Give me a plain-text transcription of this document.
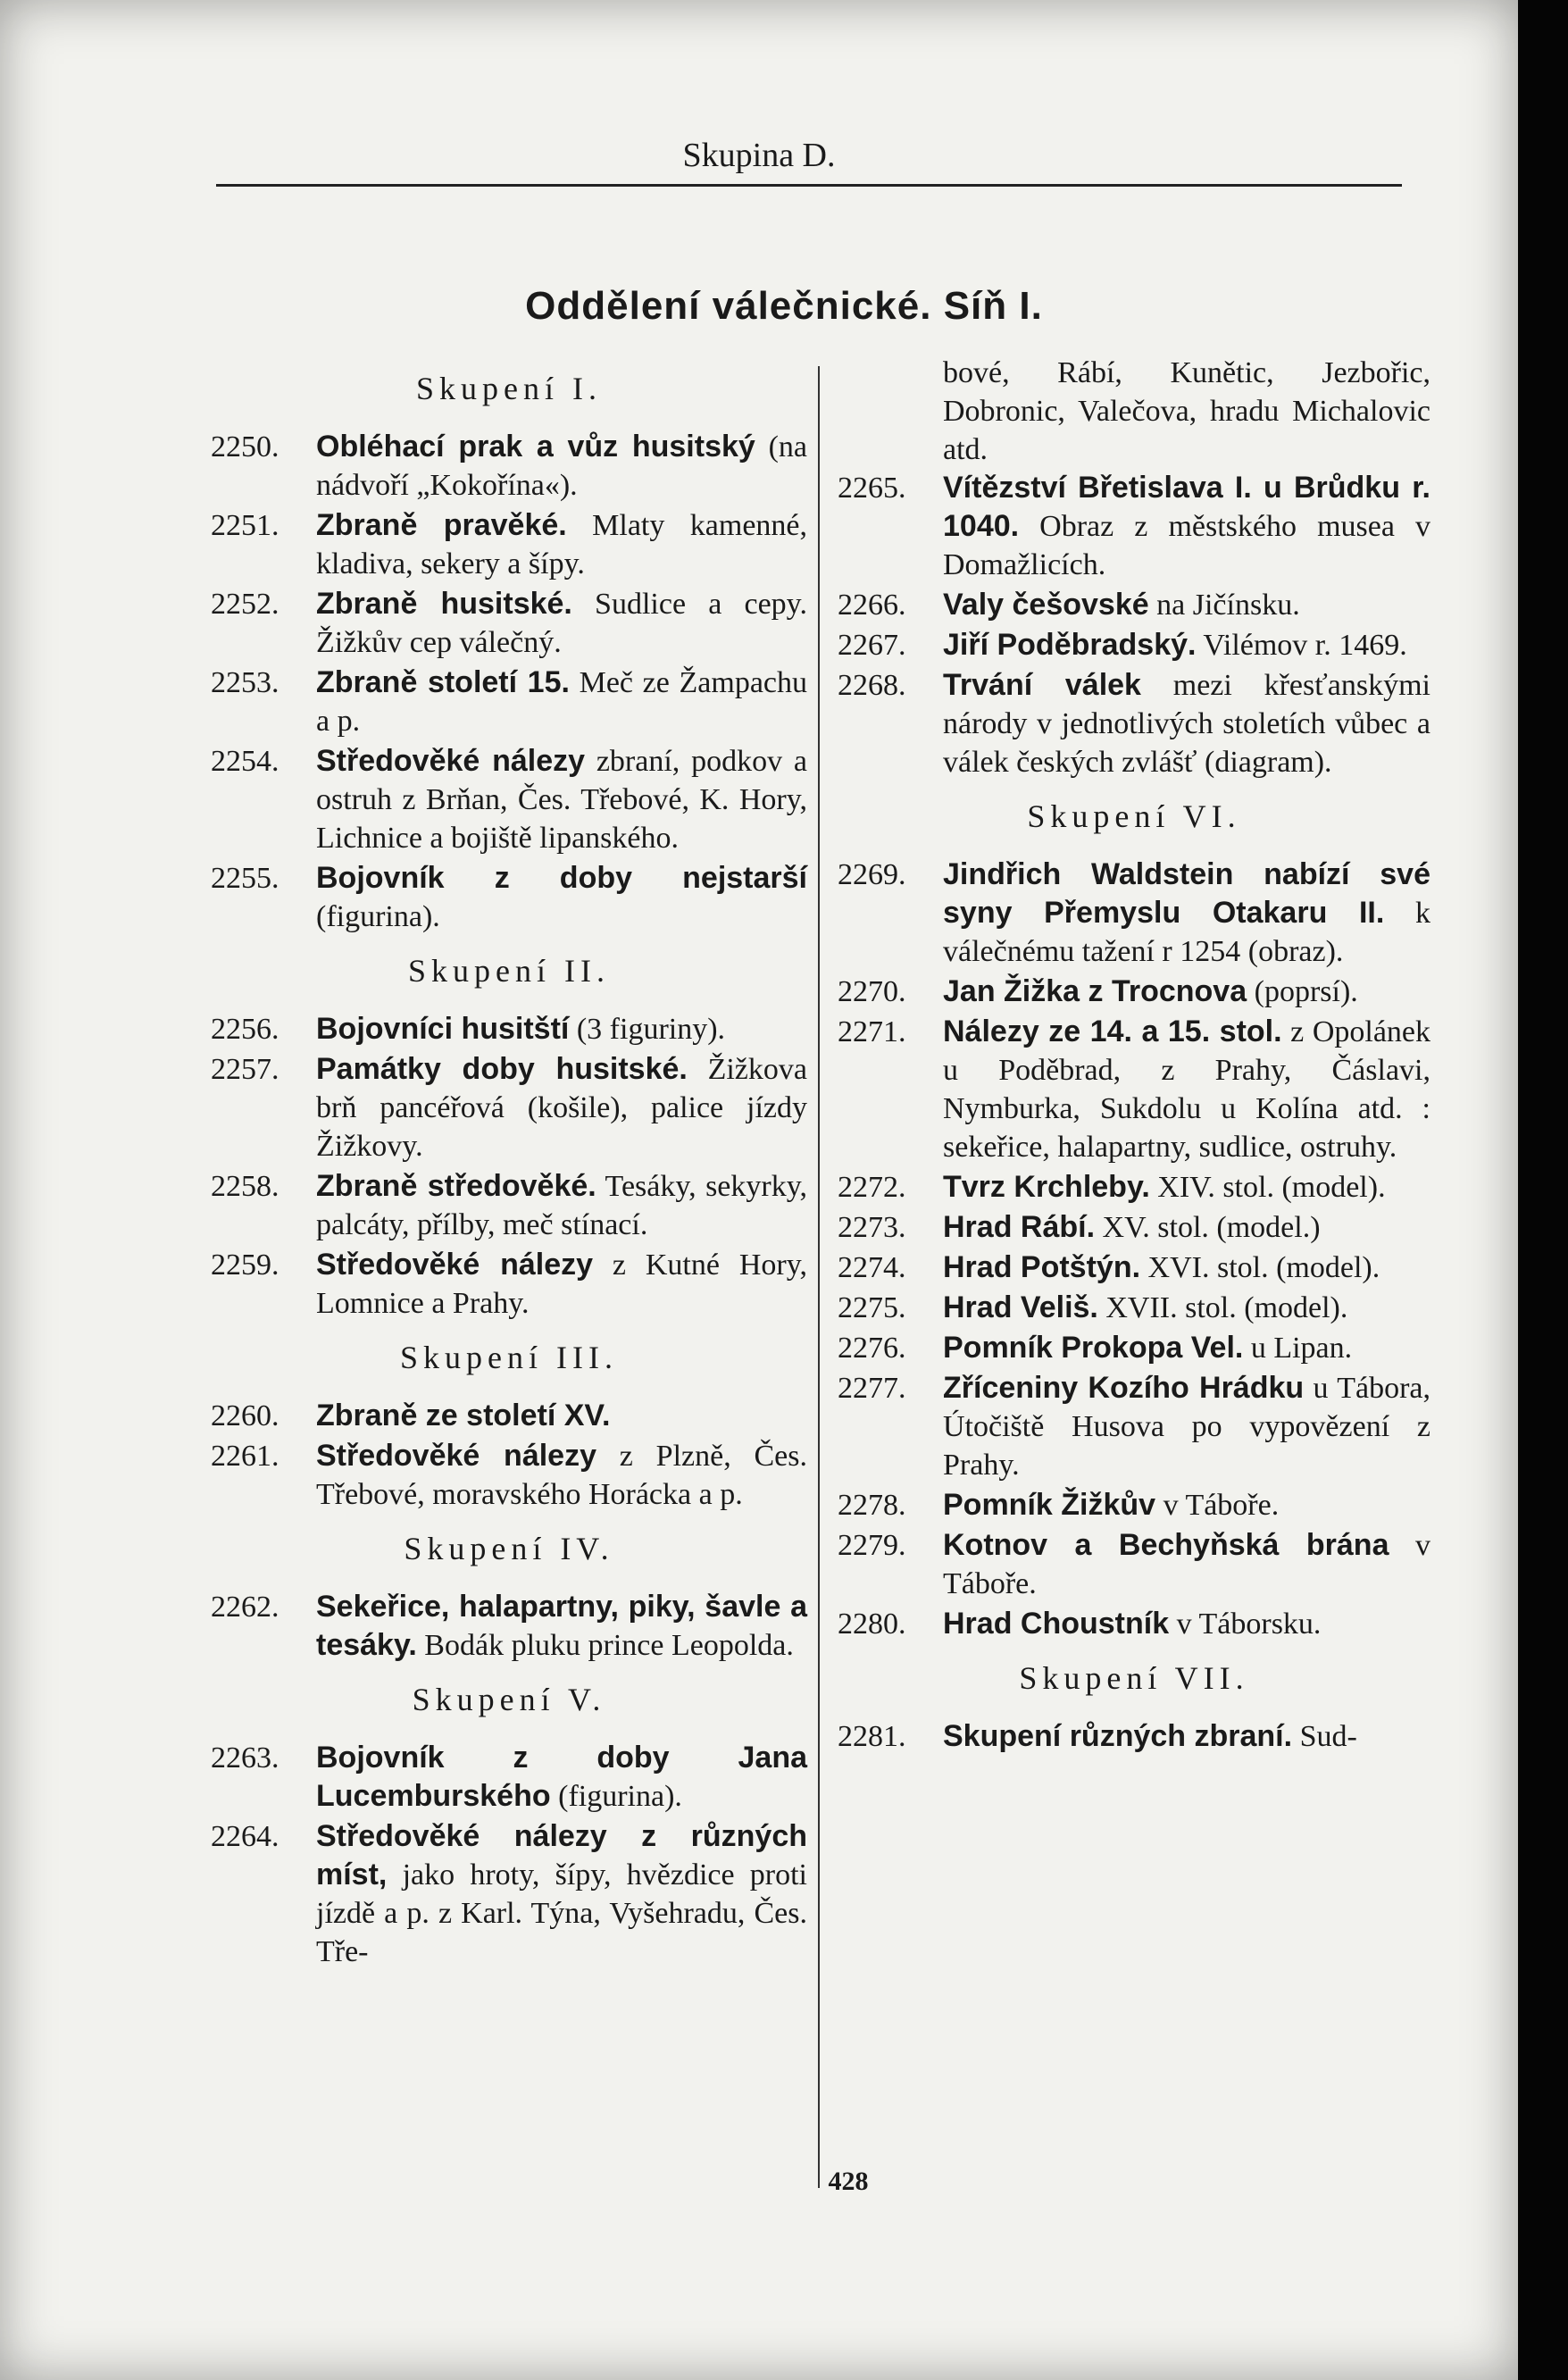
Skupina D.
Oddělení válečnické. Síň I.
Skupení I.
2250.	Obléhací prak a vůz husitský (na nádvoří „Kokořína«).
2251.	Zbraně pravěké. Mlaty kamenné, kladiva, sekery a šípy.
2252.	Zbraně husitské. Sudlice a cepy. Žižkův cep válečný.
2253.	Zbraně století 15. Meč ze Žampachu a p.
2254.	Středověké nálezy zbraní, podkov a ostruh z Brňan, Čes. Třebové, K. Hory, Lichnice a bojiště lipanského.
2255.	Bojovník z doby nejstarší (figurina).
Skupení II.
2256.	Bojovníci husitští (3 figuriny).
2257.	Památky doby husitské. Žižkova brň pancéřová (košile), palice jízdy Žižkovy.
2258.	Zbraně středověké. Tesáky, sekyrky, palcáty, přílby, meč stínací.
2259.	Středověké nálezy z Kutné Hory, Lomnice a Prahy.
Skupení III.
2260.	Zbraně ze století XV.
2261.	Středověké nálezy z Plzně, Čes. Třebové, moravského Horácka a p.
Skupení IV.
2262.	Sekeřice, halapartny, piky, šavle a tesáky. Bodák pluku prince Leopolda.
Skupení V.
2263.	Bojovník z doby Jana Lucemburského (figurina).
2264.	Středověké nálezy z různých míst, jako hroty, šípy, hvězdice proti jízdě a p. z Karl. Týna, Vyšehradu, Čes. Tře-
bové, Rábí, Kunětic, Jezbořic, Dobronic, Valečova, hradu Michalovic atd.
2265.	Vítězství Břetislava I. u Brůdku r. 1040. Obraz z městského musea v Domažlicích.
2266.	Valy češovské na Jičínsku.
2267.	Jiří Poděbradský. Vilémov r. 1469.
2268.	Trvání válek mezi křesťanskými národy v jednotlivých stoletích vůbec a válek českých zvlášť (diagram).
Skupení VI.
2269.	Jindřich Waldstein nabízí své syny Přemyslu Otakaru II. k válečnému tažení r 1254 (obraz).
2270.	Jan Žižka z Trocnova (poprsí).
2271.	Nálezy ze 14. a 15. stol. z Opolánek u Poděbrad, z Prahy, Čáslavi, Nymburka, Sukdolu u Kolína atd. : sekeřice, halapartny, sudlice, ostruhy.
2272.	Tvrz Krchleby. XIV. stol. (model).
2273.	Hrad Rábí. XV. stol. (model.)
2274.	Hrad Potštýn. XVI. stol. (model).
2275.	Hrad Veliš. XVII. stol. (model).
2276.	Pomník Prokopa Vel. u Lipan.
2277.	Zříceniny Kozího Hrádku u Tábora, Útočiště Husova po vypovězení z Prahy.
2278.	Pomník Žižkův v Táboře.
2279.	Kotnov a Bechyňská brána v Táboře.
2280.	Hrad Choustník v Táborsku.
Skupení VII.
2281.	Skupení různých zbraní. Sud-
428
